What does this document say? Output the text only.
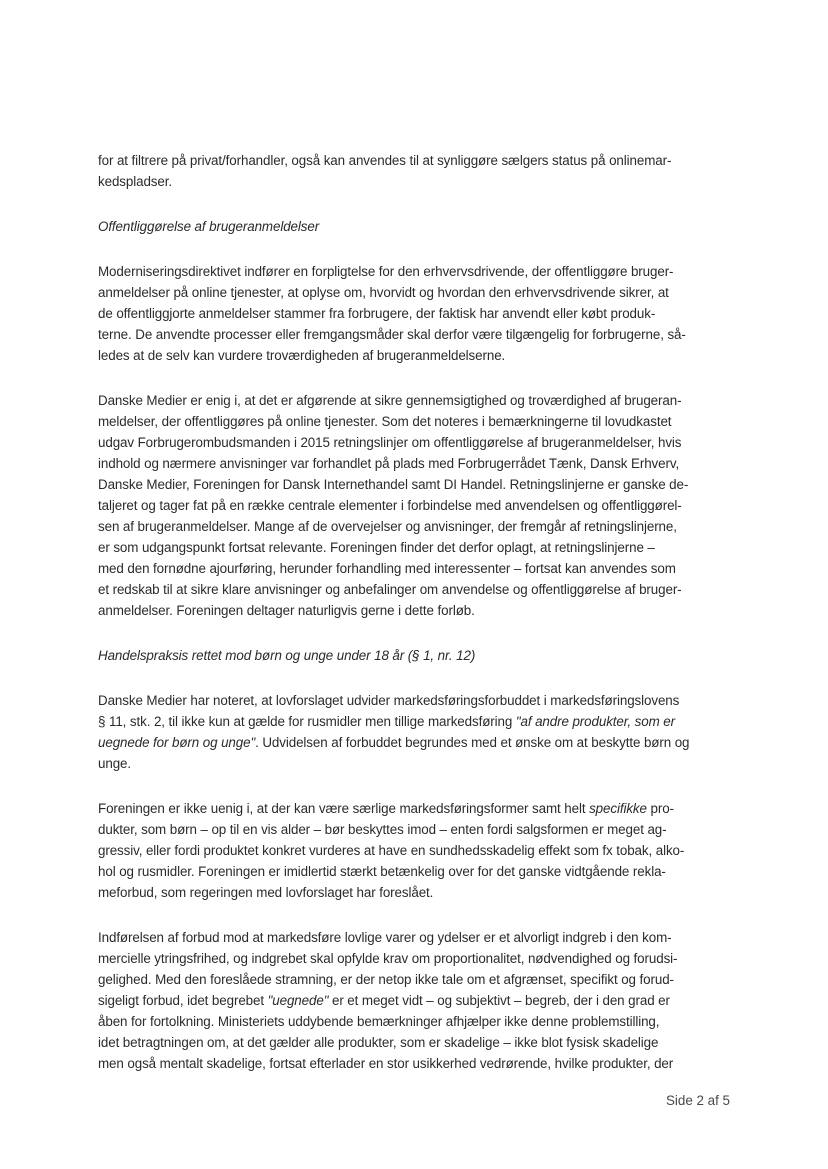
for at filtrere på privat/forhandler, også kan anvendes til at synliggøre sælgers status på onlinemar-
kedspladser.
Offentliggørelse af brugeranmeldelser
Moderniseringsdirektivet indfører en forpligtelse for den erhvervsdrivende, der offentliggøre bruger-
anmeldelser på online tjenester, at oplyse om, hvorvidt og hvordan den erhvervsdrivende sikrer, at
de offentliggjorte anmeldelser stammer fra forbrugere, der faktisk har anvendt eller købt produk-
terne. De anvendte processer eller fremgangsmåder skal derfor være tilgængelig for forbrugerne, så-
ledes at de selv kan vurdere troværdigheden af brugeranmeldelserne.
Danske Medier er enig i, at det er afgørende at sikre gennemsigtighed og troværdighed af brugeran-
meldelser, der offentliggøres på online tjenester. Som det noteres i bemærkningerne til lovudkastet
udgav Forbrugerombudsmanden i 2015 retningslinjer om offentliggørelse af brugeranmeldelser, hvis
indhold og nærmere anvisninger var forhandlet på plads med Forbrugerrådet Tænk, Dansk Erhverv,
Danske Medier, Foreningen for Dansk Internethandel samt DI Handel. Retningslinjerne er ganske de-
taljeret og tager fat på en række centrale elementer i forbindelse med anvendelsen og offentliggørel-
sen af brugeranmeldelser. Mange af de overvejelser og anvisninger, der fremgår af retningslinjerne,
er som udgangspunkt fortsat relevante. Foreningen finder det derfor oplagt, at retningslinjerne –
med den fornødne ajourføring, herunder forhandling med interessenter – fortsat kan anvendes som
et redskab til at sikre klare anvisninger og anbefalinger om anvendelse og offentliggørelse af bruger-
anmeldelser. Foreningen deltager naturligvis gerne i dette forløb.
Handelspraksis rettet mod børn og unge under 18 år (§ 1, nr. 12)
Danske Medier har noteret, at lovforslaget udvider markedsføringsforbuddet i markedsføringslovens
§ 11, stk. 2, til ikke kun at gælde for rusmidler men tillige markedsføring "af andre produkter, som er
uegnede for børn og unge". Udvidelsen af forbuddet begrundes med et ønske om at beskytte børn og
unge.
Foreningen er ikke uenig i, at der kan være særlige markedsføringsformer samt helt specifikke pro-
dukter, som børn – op til en vis alder – bør beskyttes imod – enten fordi salgsformen er meget ag-
gressiv, eller fordi produktet konkret vurderes at have en sundhedsskadelig effekt som fx tobak, alko-
hol og rusmidler. Foreningen er imidlertid stærkt betænkelig over for det ganske vidtgående rekla-
meforbud, som regeringen med lovforslaget har foreslået.
Indførelsen af forbud mod at markedsføre lovlige varer og ydelser er et alvorligt indgreb i den kom-
mercielle ytringsfrihed, og indgrebet skal opfylde krav om proportionalitet, nødvendighed og forudsi-
gelighed. Med den foreslåede stramning, er der netop ikke tale om et afgrænset, specifikt og forud-
sigeligt forbud, idet begrebet "uegnede" er et meget vidt – og subjektivt – begreb, der i den grad er
åben for fortolkning. Ministeriets uddybende bemærkninger afhjælper ikke denne problemstilling,
idet betragtningen om, at det gælder alle produkter, som er skadelige – ikke blot fysisk skadelige
men også mentalt skadelige, fortsat efterlader en stor usikkerhed vedrørende, hvilke produkter, der
Side 2 af 5
